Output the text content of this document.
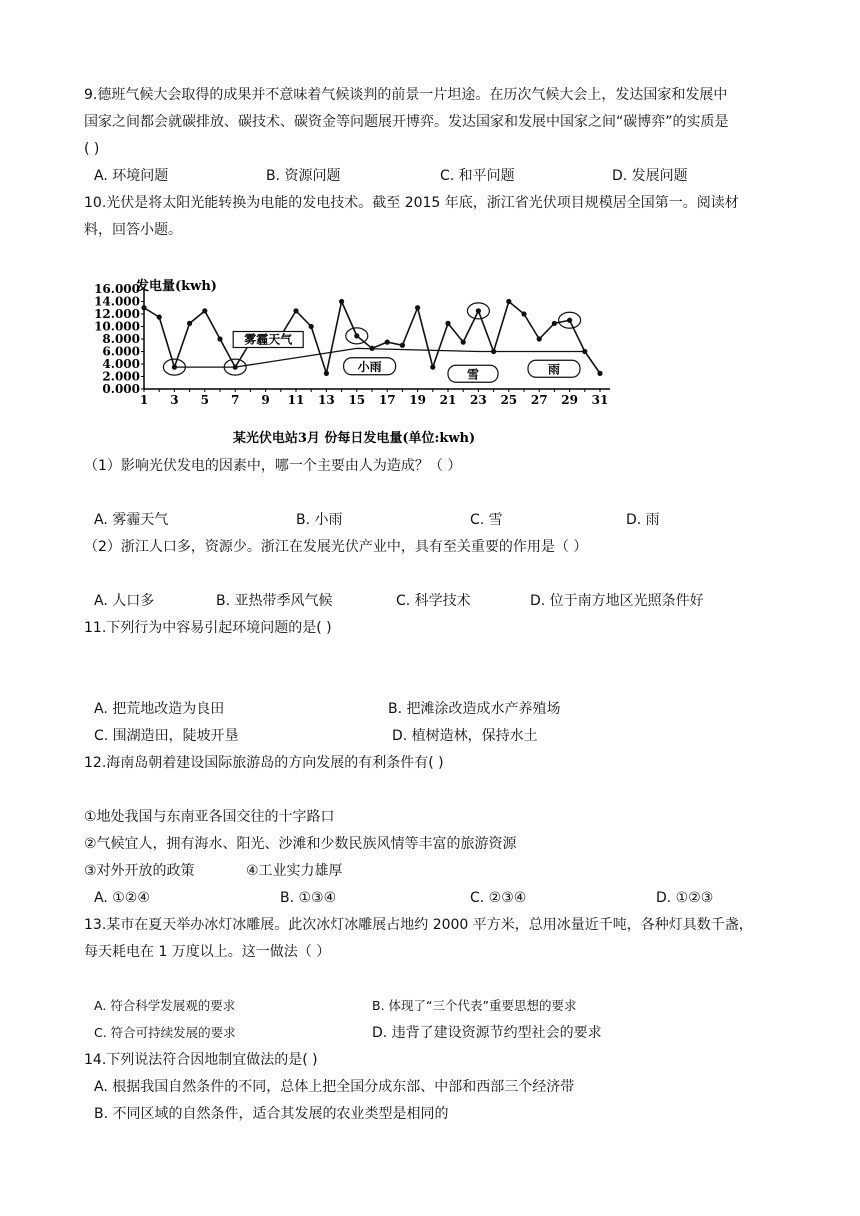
9.德班气候大会取得的成果并不意味着气候谈判的前景一片坦途。在历次气候大会上，发达国家和发展中
国家之间都会就碳排放、碳技术、碳资金等问题展开博弈。发达国家和发展中国家之间“碳博弈”的实质是
( )
A. 环境问题	B. 资源问题	C. 和平问题	D. 发展问题
10.光伏是将太阳光能转换为电能的发电技术。截至 2015 年底，浙江省光伏项目规模居全国第一。阅读材
料，回答小题。
发电量(kwh)
0.000
2.000
4.000
6.000
8.000
10.000
12.000
14.000
16.000
1 3 5 7 9 11 13 15 17 19 21 23 25 27 29 31
雾霾天气
小雨
雪	雨
某光伏电站3月 份每日发电量(单位:kwh)
（1）影响光伏发电的因素中，哪一个主要由人为造成？（ ）
A. 雾霾天气	B. 小雨	C. 雪	D. 雨
（2）浙江人口多，资源少。浙江在发展光伏产业中，具有至关重要的作用是（ ）
A. 人口多	B. 亚热带季风气候	C. 科学技术	D. 位于南方地区光照条件好
11.下列行为中容易引起环境问题的是( )
A. 把荒地改造为良田	B. 把滩涂改造成水产养殖场
C. 围湖造田，陡坡开垦	D. 植树造林，保持水土
12.海南岛朝着建设国际旅游岛的方向发展的有利条件有( )
①地处我国与东南亚各国交往的十字路口
②气候宜人，拥有海水、阳光、沙滩和少数民族风情等丰富的旅游资源
③对外开放的政策	④工业实力雄厚
A. ①②④	B. ①③④	C. ②③④	D. ①②③
13.某市在夏天举办冰灯冰雕展。此次冰灯冰雕展占地约 2000 平方米，总用冰量近千吨，各种灯具数千盏，
每天耗电在 1 万度以上。这一做法（ ）
A. 符合科学发展观的要求	B. 体现了“三个代表”重要思想的要求
C. 符合可持续发展的要求	D. 违背了建设资源节约型社会的要求
14.下列说法符合因地制宜做法的是( )
A. 根据我国自然条件的不同，总体上把全国分成东部、中部和西部三个经济带
B. 不同区域的自然条件，适合其发展的农业类型是相同的
